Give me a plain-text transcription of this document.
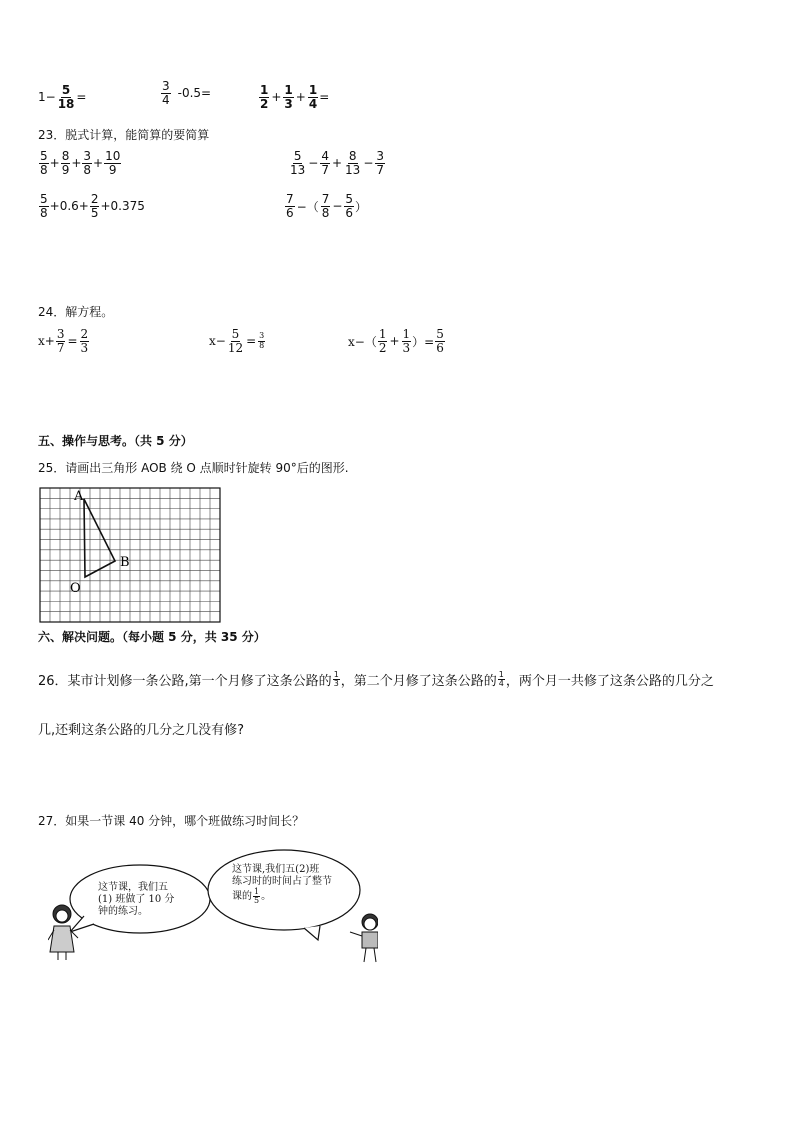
$1- \frac{5}{18}$ =	$\frac{3}{4} -0.5=$	$\frac{1}{2} + \frac{1}{3} + \frac{1}{4}$ =
23．脱式计算，能简算的要简算
$\frac{5}{8} + \frac{8}{9} + \frac{3}{8} + \frac{10}{9}$	$\frac{5}{13} - \frac{4}{7} + \frac{8}{13} - \frac{3}{7}$
$\frac{5}{8} +0.6+ \frac{2}{5} +0.375$	$\frac{7}{6}$ −（ $\frac{7}{8} - \frac{5}{6}$ ）
24．解方程。
$x+ \frac{3}{7} = \frac{2}{3}$	$x- \frac{5}{12} = \frac{3}{8}$	$x-( \frac{1}{2} + \frac{1}{3}$ ）= $\frac{5}{6}$
五、操作与思考。（共 5 分）
25．请画出三角形 AOB 绕 O 点顺时针旋转 90°后的图形.
A
B
O
六、解决问题。（每小题 5 分，共 35 分）
26．某市计划修一条公路,第一个月修了这条公路的 $\frac{1}{3}$ ，第二个月修了这条公路的 $\frac{1}{4}$ ，两个月一共修了这条公路的几分之
几,还剩这条公路的几分之几没有修?
27．如果一节课 40 分钟，哪个班做练习时间长？
这节课，我们五
(1) 班做了 10 分
钟的练习。
这节课,我们五(2)班
练习时的时间占了整节
课的 $\frac{1}{5}$ 。
